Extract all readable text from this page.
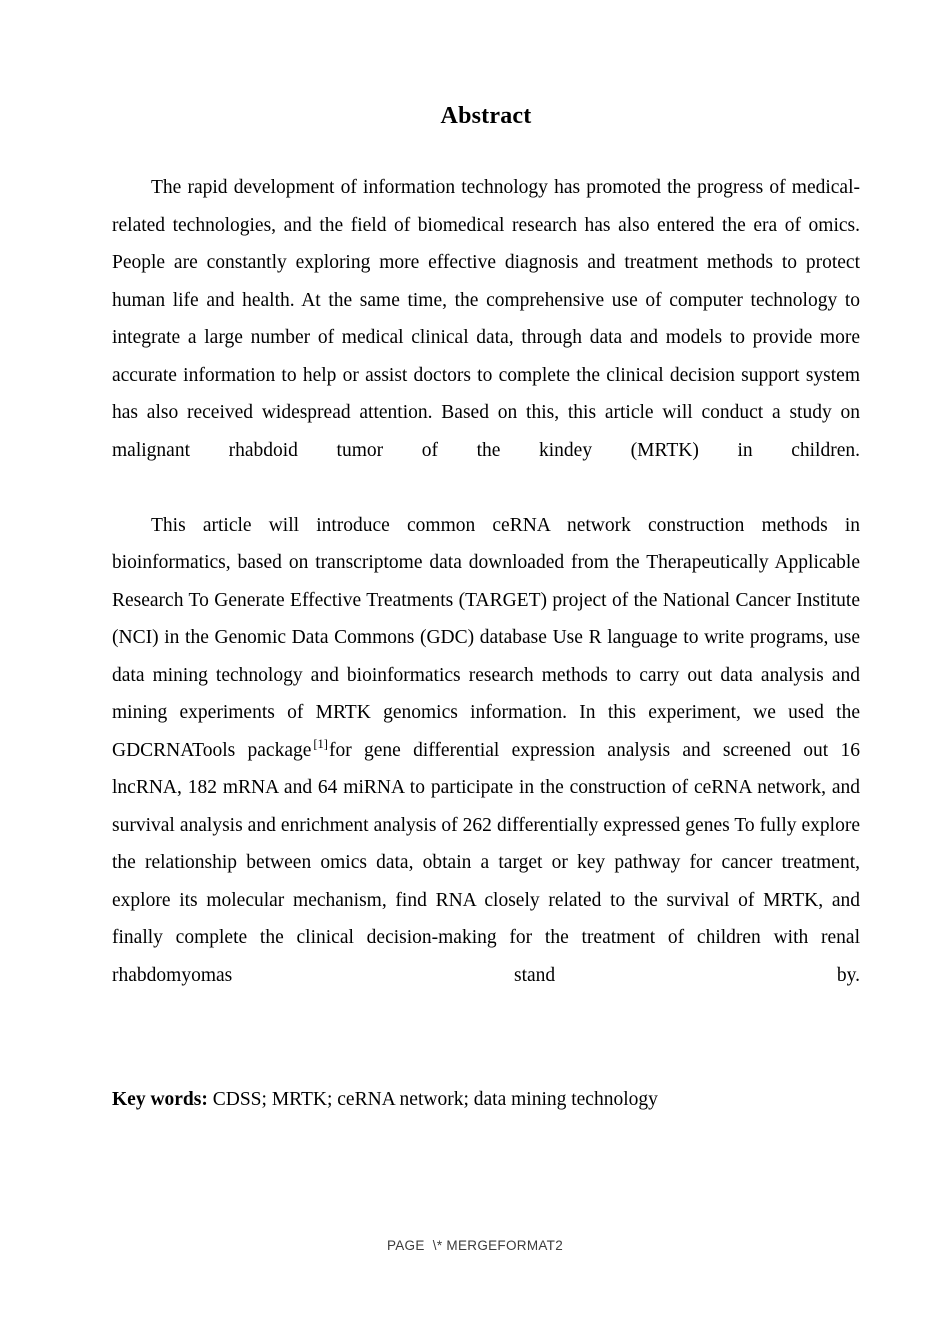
Abstract

The rapid development of information technology has promoted the progress of medical-related technologies, and the field of biomedical research has also entered the era of omics. People are constantly exploring more effective diagnosis and treatment methods to protect human life and health. At the same time, the comprehensive use of computer technology to integrate a large number of medical clinical data, through data and models to provide more accurate information to help or assist doctors to complete the clinical decision support system has also received widespread attention. Based on this, this article will conduct a study on malignant rhabdoid tumor of the kindey (MRTK) in children.

This article will introduce common ceRNA network construction methods in bioinformatics, based on transcriptome data downloaded from the Therapeutically Applicable Research To Generate Effective Treatments (TARGET) project of the National Cancer Institute (NCI) in the Genomic Data Commons (GDC) database Use R language to write programs, use data mining technology and bioinformatics research methods to carry out data analysis and mining experiments of MRTK genomics information. In this experiment, we used the GDCRNATools package [1]for gene differential expression analysis and screened out 16 lncRNA, 182 mRNA and 64 miRNA to participate in the construction of ceRNA network, and survival analysis and enrichment analysis of 262 differentially expressed genes To fully explore the relationship between omics data, obtain a target or key pathway for cancer treatment, explore its molecular mechanism, find RNA closely related to the survival of MRTK, and finally complete the clinical decision-making for the treatment of children with renal rhabdomyomas stand by.

Key words: CDSS; MRTK; ceRNA network; data mining technology

PAGE  \* MERGEFORMAT2
